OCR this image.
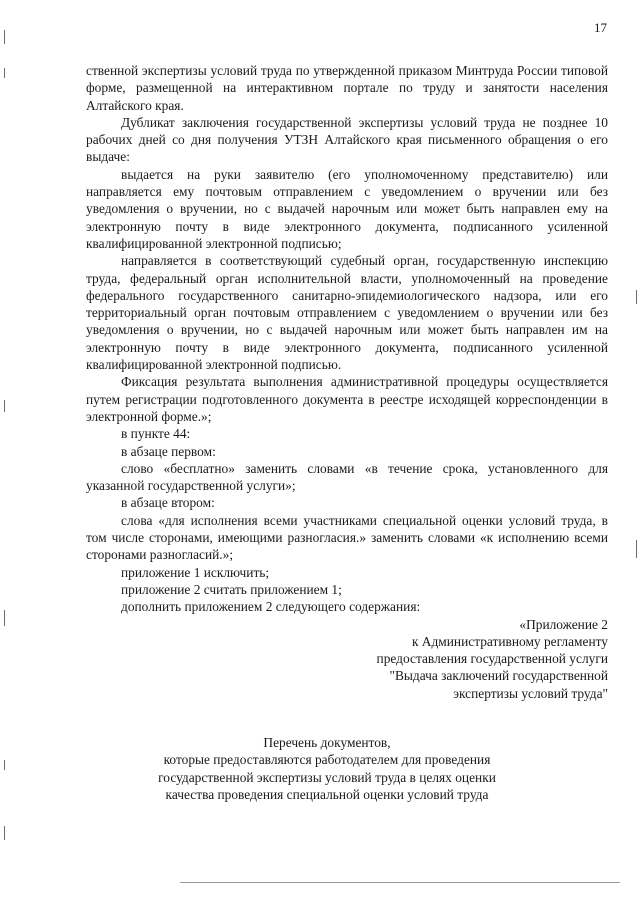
17

ственной экспертизы условий труда по утвержденной приказом Минтруда России типовой форме, размещенной на интерактивном портале по труду и занятости населения Алтайского края.

Дубликат заключения государственной экспертизы условий труда не позднее 10 рабочих дней со дня получения УТЗН Алтайского края письменного обращения о его выдаче:

выдается на руки заявителю (его уполномоченному представителю) или направляется ему почтовым отправлением с уведомлением о вручении или без уведомления о вручении, но с выдачей нарочным или может быть направлен ему на электронную почту в виде электронного документа, подписанного усиленной квалифицированной электронной подписью;

направляется в соответствующий судебный орган, государственную инспекцию труда, федеральный орган исполнительной власти, уполномоченный на проведение федерального государственного санитарно-эпидемиологического надзора, или его территориальный орган почтовым отправлением с уведомлением о вручении или без уведомления о вручении, но с выдачей нарочным или может быть направлен им на электронную почту в виде электронного документа, подписанного усиленной квалифицированной электронной подписью.

Фиксация результата выполнения административной процедуры осуществляется путем регистрации подготовленного документа в реестре исходящей корреспонденции в электронной форме.»;

в пункте 44:

в абзаце первом:

слово «бесплатно» заменить словами «в течение срока, установленного для указанной государственной услуги»;

в абзаце втором:

слова «для исполнения всеми участниками специальной оценки условий труда, в том числе сторонами, имеющими разногласия.» заменить словами «к исполнению всеми сторонами разногласий.»;

приложение 1 исключить;

приложение 2 считать приложением 1;

дополнить приложением 2 следующего содержания:

«Приложение 2
к Административному регламенту
предоставления государственной услуги
"Выдача заключений государственной
экспертизы условий труда"
Перечень документов,
которые предоставляются работодателем для проведения
государственной экспертизы условий труда в целях оценки
качества проведения специальной оценки условий труда
